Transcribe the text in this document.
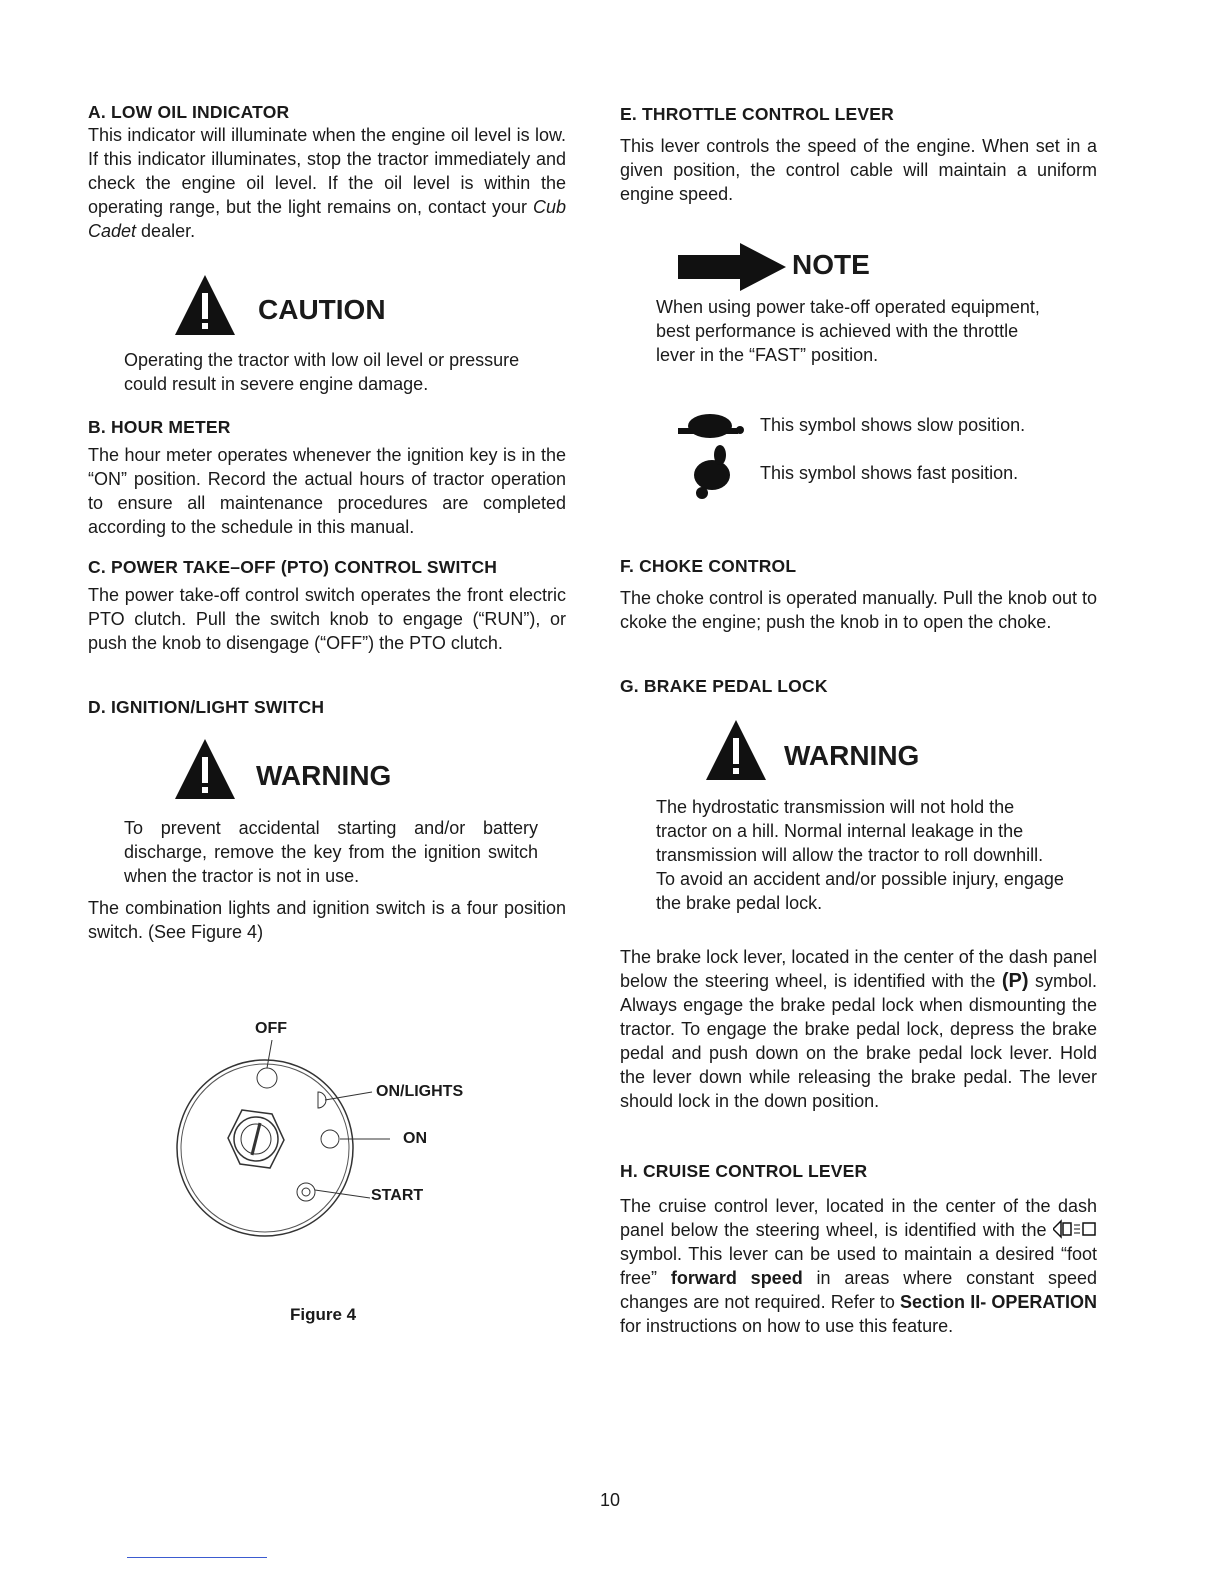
A. LOW OIL INDICATOR
This indicator will illuminate when the engine oil level is low. If this indicator illuminates, stop the tractor immediately and check the engine oil level. If the oil level is within the operating range, but the light remains on, contact your Cub Cadet dealer.
CAUTION
Operating the tractor with low oil level or pressure could result in severe engine damage.
B. HOUR METER
The hour meter operates whenever the ignition key is in the “ON” position. Record the actual hours of tractor operation to ensure all maintenance procedures are completed according to the schedule in this manual.
C. POWER TAKE–OFF (PTO) CONTROL SWITCH
The power take-off control switch operates the front electric PTO clutch. Pull the switch knob to engage (“RUN”), or push the knob to disengage (“OFF”) the PTO clutch.
D. IGNITION/LIGHT SWITCH
WARNING
To prevent accidental starting and/or battery discharge, remove the key from the ignition switch when the tractor is not in use.
The combination lights and ignition switch is a four position switch. (See Figure 4)
OFF
ON/LIGHTS
ON
START
Figure 4
E. THROTTLE CONTROL LEVER
This lever controls the speed of the engine. When set in a given position, the control cable will maintain a uniform engine speed.
NOTE
When using power take-off operated equipment, best performance is achieved with the throttle lever in the “FAST” position.
This symbol shows slow position.
This symbol shows fast position.
F. CHOKE CONTROL
The choke control is operated manually. Pull the knob out to ckoke the engine; push the knob in to open the choke.
G. BRAKE PEDAL LOCK
WARNING
The hydrostatic transmission will not hold the tractor on a hill. Normal internal leakage in the transmission will allow the tractor to roll downhill. To avoid an accident and/or possible injury, engage the brake pedal lock.
The brake lock lever, located in the center of the dash panel below the steering wheel, is identified with the (P) symbol. Always engage the brake pedal lock when dismounting the tractor. To engage the brake pedal lock, depress the brake pedal and push down on the brake pedal lock lever. Hold the lever down while releasing the brake pedal. The lever should lock in the down position.
H. CRUISE CONTROL LEVER
The cruise control lever, located in the center of the dash panel below the steering wheel, is identified with the  symbol. This lever can be used to maintain a desired “foot free” forward speed in areas where constant speed changes are not required. Refer to Section II- OPERATION for instructions on how to use this feature.
10
